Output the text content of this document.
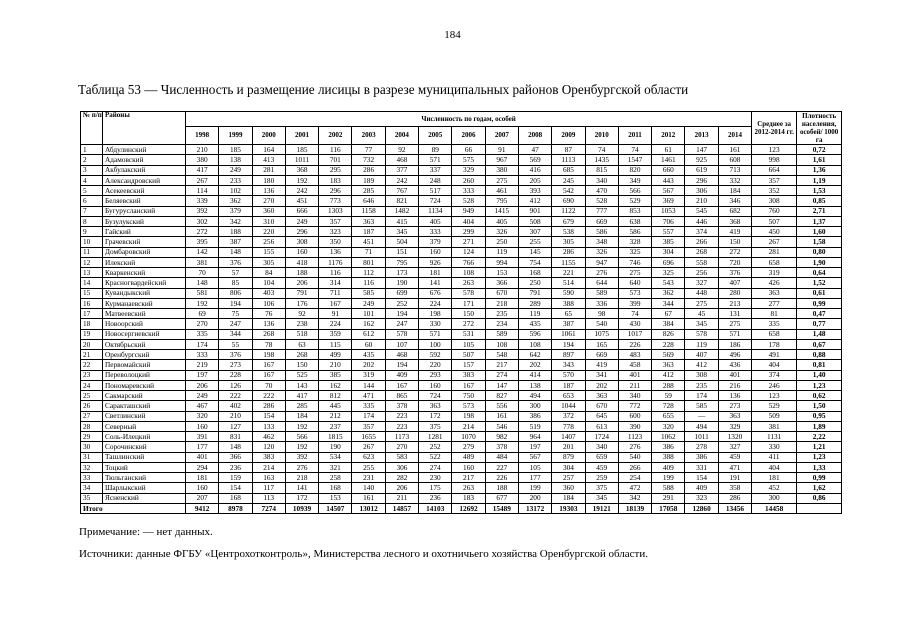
184
Таблица 53 — Численность и размещение лисицы в разрезе муниципальных районов Оренбургской области
№ п/п	Районы	Численность по годам, особей																	Среднее за 2012-2014 гг.	Плотность населения, особей/ 1000 га
		1998	1999	2000	2001	2002	2003	2004	2005	2006	2007	2008	2009	2010	2011	2012	2013	2014		
1	Абдулинский	210	185	164	185	116	77	92	89	66	91	47	87	74	74	61	147	161	123	0,72
2	Адамовский	380	138	413	1011	701	732	468	571	575	967	569	1113	1435	1547	1461	925	608	998	1,61
3	Акбулакский	417	249	281	368	295	286	377	337	329	380	416	685	815	820	660	619	713	664	1,36
4	Александровский	267	233	180	192	183	189	242	248	260	275	205	245	340	349	443	296	332	357	1,19
5	Асекеевский	114	102	136	242	296	285	767	517	333	461	393	542	470	566	567	306	184	352	1,53
6	Беляевский	339	362	270	451	773	646	821	724	528	795	412	690	528	529	369	210	346	308	0,85
7	Бугурусланский	392	379	360	666	1303	1158	1482	1134	949	1415	901	1122	777	853	1053	545	682	760	2,71
8	Бузулукский	302	342	310	249	357	363	415	405	404	405	508	679	669	638	706	446	368	507	1,37
9	Гайский	272	188	220	296	323	187	345	333	299	326	307	538	586	586	557	374	419	450	1,60
10	Грачевский	395	387	256	308	350	451	504	379	271	250	255	305	348	328	385	266	150	267	1,58
11	Домбаровский	142	148	155	160	136	71	151	160	124	119	145	286	326	325	304	268	272	281	0,80
12	Илекский	381	376	305	418	1176	801	795	926	766	994	754	1155	947	746	696	558	720	658	1,90
13	Кваркенский	70	57	84	188	116	112	173	181	108	153	168	221	276	275	325	256	376	319	0,64
14	Красногвардейский	148	85	104	206	314	116	190	141	263	366	250	514	644	640	543	327	407	426	1,52
15	Кувандыкский	581	806	403	791	711	585	699	676	578	670	791	590	589	573	362	448	280	363	0,61
16	Курманаевский	192	194	106	176	167	249	252	224	171	218	289	388	336	399	344	275	213	277	0,99
17	Матвеевский	69	75	76	92	91	101	194	198	150	235	119	65	98	74	67	45	131	81	0,47
18	Новоорский	270	247	136	238	224	162	247	330	272	234	435	387	540	430	384	345	275	335	0,77
19	Новосергиевский	335	344	268	518	359	612	578	571	531	589	596	1061	1075	1017	826	578	571	658	1,48
20	Октябрьский	174	55	78	63	115	60	107	100	105	108	108	194	165	226	228	119	186	178	0,67
21	Оренбургский	333	376	198	268	499	435	468	592	507	548	642	897	669	483	569	407	496	491	0,88
22	Первомайский	219	273	167	150	210	202	194	220	157	217	202	343	419	458	363	412	436	404	0,81
23	Переволоцкий	197	228	167	525	385	319	409	293	383	274	414	570	341	401	412	308	401	374	1,40
24	Пономаревский	206	126	70	143	162	144	167	160	167	147	138	187	202	211	288	235	216	246	1,23
25	Сакмарский	249	222	222	417	812	471	865	724	750	827	494	653	363	340	59	174	136	123	0,62
26	Саракташский	467	402	286	285	445	335	378	363	573	556	300	1044	670	772	728	585	273	529	1,50
27	Светлинский	320	210	154	184	212	174	223	172	198	161	386	372	645	600	655	—	363	509	0,95
28	Северный	160	127	133	192	237	357	223	375	214	546	519	778	613	390	320	494	329	381	1,89
29	Соль-Илецкий	391	831	462	566	1815	1655	1173	1281	1070	982	964	1407	1724	1123	1062	1011	1320	1131	2,22
30	Сорочинский	177	148	120	192	190	267	270	252	279	378	197	201	340	276	386	278	327	330	1,21
31	Ташлинский	401	366	383	392	534	623	583	522	489	484	567	879	659	540	388	386	459	411	1,23
32	Тоцкий	294	236	214	276	321	255	306	274	160	227	105	304	459	266	409	331	471	404	1,33
33	Тюльганский	181	159	163	218	258	231	282	230	217	226	177	257	259	254	199	154	191	181	0,99
34	Шарлыкский	160	154	117	141	168	140	206	175	263	188	199	360	375	472	588	409	358	452	1,62
35	Ясненский	207	168	113	172	153	161	211	236	183	677	200	184	345	342	291	323	286	300	0,86
Итого		9412	8978	7274	10939	14507	13012	14857	14103	12692	15489	13172	19303	19121	18139	17058	12860	13456	14458	
Примечание: — нет данных.
Источники: данные ФГБУ «Центрохотконтроль», Министерства лесного и охотничьего хозяйства Оренбургской области.
